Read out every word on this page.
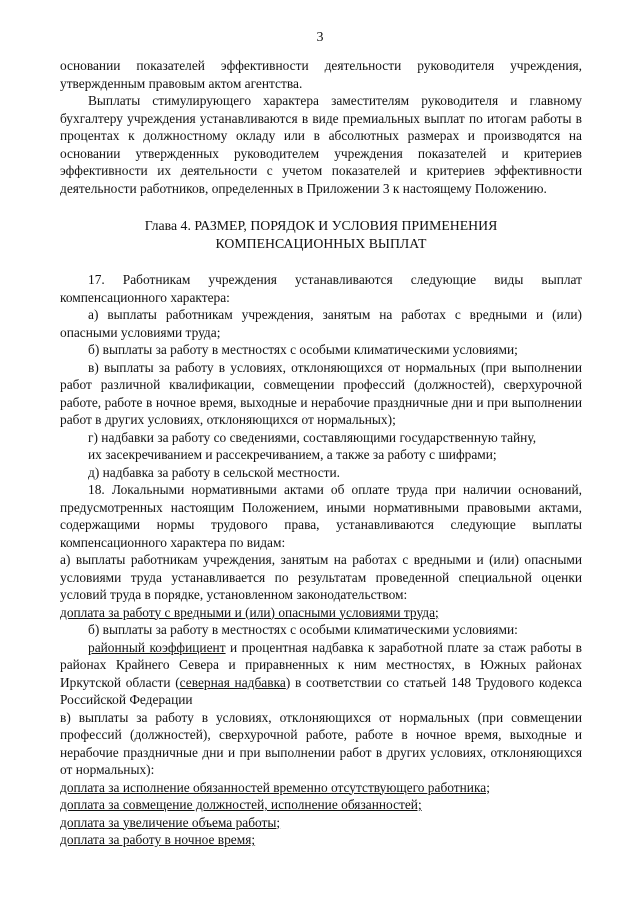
3

основании показателей эффективности деятельности руководителя учреждения, утвержденным правовым актом агентства.

Выплаты стимулирующего характера заместителям руководителя и главному бухгалтеру учреждения устанавливаются в виде премиальных выплат по итогам работы в процентах к должностному окладу или в абсолютных размерах и производятся на основании утвержденных руководителем учреждения показателей и критериев эффективности их деятельности с учетом показателей и критериев эффективности деятельности работников, определенных в Приложении 3 к настоящему Положению.

Глава 4. РАЗМЕР, ПОРЯДОК И УСЛОВИЯ ПРИМЕНЕНИЯ
КОМПЕНСАЦИОННЫХ ВЫПЛАТ

17. Работникам учреждения устанавливаются следующие виды выплат компенсационного характера:

а) выплаты работникам учреждения, занятым на работах с вредными и (или) опасными условиями труда;

б) выплаты за работу в местностях с особыми климатическими условиями;

в) выплаты за работу в условиях, отклоняющихся от нормальных (при выполнении работ различной квалификации, совмещении профессий (должностей), сверхурочной работе, работе в ночное время, выходные и нерабочие праздничные дни и при выполнении работ в других условиях, отклоняющихся от нормальных);

г) надбавки за работу со сведениями, составляющими государственную тайну,

их засекречиванием и рассекречиванием, а также за работу с шифрами;

д) надбавка за работу в сельской местности.

18. Локальными нормативными актами об оплате труда при наличии оснований, предусмотренных настоящим Положением, иными нормативными правовыми актами, содержащими нормы трудового права, устанавливаются следующие выплаты компенсационного характера по видам:

а) выплаты работникам учреждения, занятым на работах с вредными и (или) опасными условиями труда устанавливается по результатам проведенной специальной оценки условий труда в порядке, установленном законодательством:

доплата за работу с вредными и (или) опасными условиями труда;

б) выплаты за работу в местностях с особыми климатическими условиями:

районный коэффициент и процентная надбавка к заработной плате за стаж работы в районах Крайнего Севера и приравненных к ним местностях, в Южных районах Иркутской области (северная надбавка) в соответствии со статьей 148 Трудового кодекса Российской Федерации

в) выплаты за работу в условиях, отклоняющихся от нормальных (при совмещении профессий (должностей), сверхурочной работе, работе в ночное время, выходные и нерабочие праздничные дни и при выполнении работ в других условиях, отклоняющихся от нормальных):

доплата за исполнение обязанностей временно отсутствующего работника;
доплата за совмещение должностей, исполнение обязанностей;
доплата за увеличение объема работы;
доплата за работу в ночное время;
